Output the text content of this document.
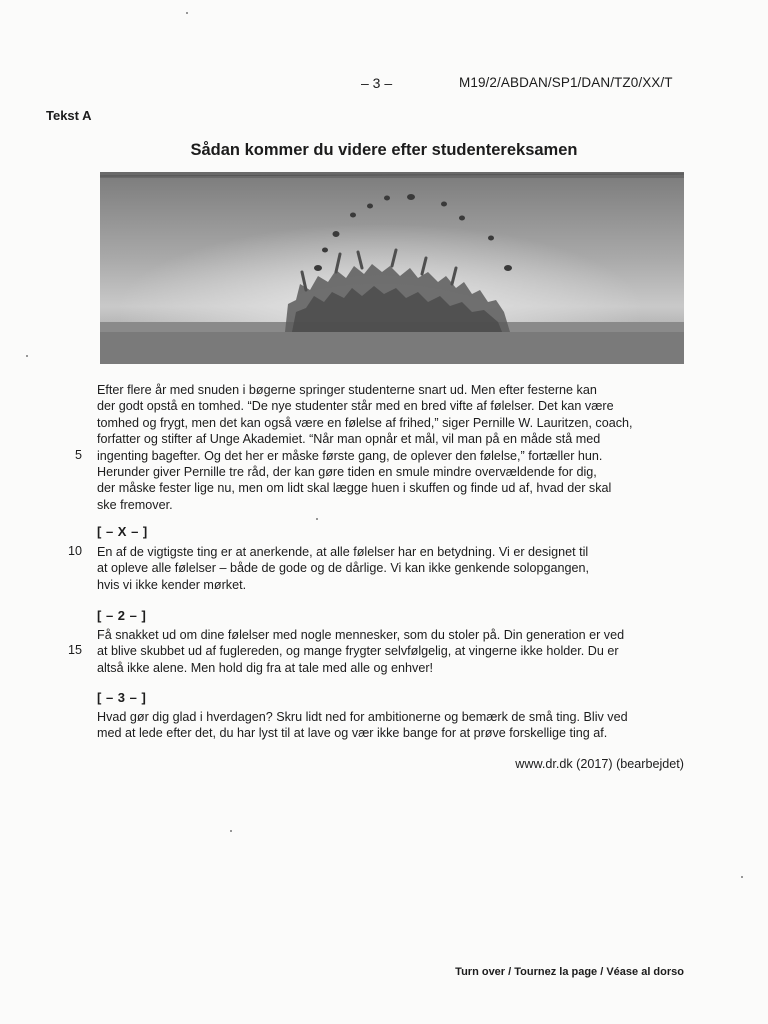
– 3 –	M19/2/ABDAN/SP1/DAN/TZ0/XX/T
Tekst A
Sådan kommer du videre efter studentereksamen
Efter flere år med snuden i bøgerne springer studenterne snart ud. Men efter festerne kan
der godt opstå en tomhed. “De nye studenter står med en bred vifte af følelser. Det kan være
tomhed og frygt, men det kan også være en følelse af frihed,” siger Pernille W. Lauritzen, coach,
forfatter og stifter af Unge Akademiet. “Når man opnår et mål, vil man på en måde stå med
ingenting bagefter. Og det her er måske første gang, de oplever den følelse,” fortæller hun.
Herunder giver Pernille tre råd, der kan gøre tiden en smule mindre overvældende for dig,
der måske fester lige nu, men om lidt skal lægge huen i skuffen og finde ud af, hvad der skal
ske fremover.
5
[ – X – ]
En af de vigtigste ting er at anerkende, at alle følelser har en betydning. Vi er designet til
at opleve alle følelser – både de gode og de dårlige. Vi kan ikke genkende solopgangen,
hvis vi ikke kender mørket.
10
[ – 2 – ]
Få snakket ud om dine følelser med nogle mennesker, som du stoler på. Din generation er ved
at blive skubbet ud af fuglereden, og mange frygter selvfølgelig, at vingerne ikke holder. Du er
altså ikke alene. Men hold dig fra at tale med alle og enhver!
15
[ – 3 – ]
Hvad gør dig glad i hverdagen? Skru lidt ned for ambitionerne og bemærk de små ting. Bliv ved
med at lede efter det, du har lyst til at lave og vær ikke bange for at prøve forskellige ting af.
www.dr.dk (2017) (bearbejdet)
Turn over / Tournez la page / Véase al dorso
